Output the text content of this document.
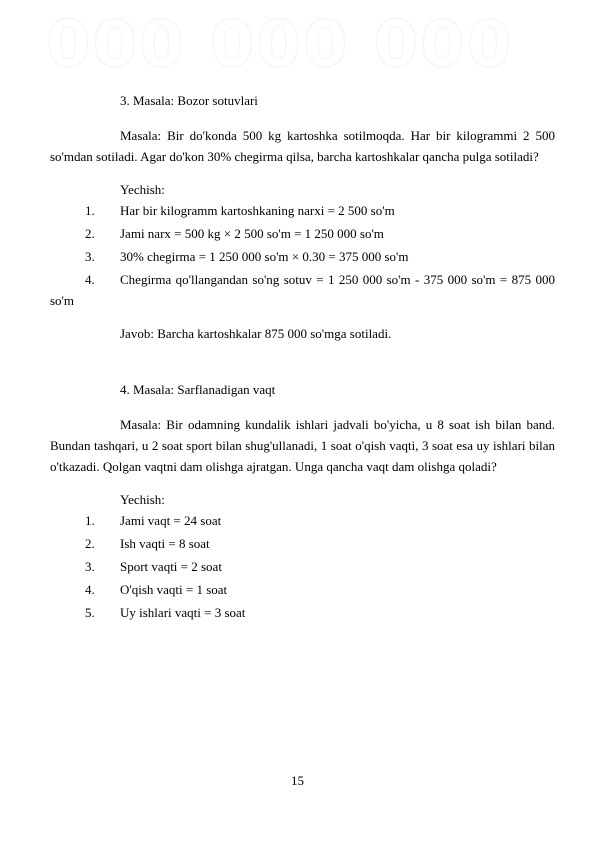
000 000 000
3. Masala: Bozor sotuvlari
Masala: Bir do'konda 500 kg kartoshka sotilmoqda. Har bir kilogrammi 2 500 so'mdan sotiladi. Agar do'kon 30% chegirma qilsa, barcha kartoshkalar qancha pulga sotiladi?
Yechish:
1. Har bir kilogramm kartoshkaning narxi = 2 500 so'm
2. Jami narx = 500 kg × 2 500 so'm = 1 250 000 so'm
3. 30% chegirma = 1 250 000 so'm × 0.30 = 375 000 so'm
4. Chegirma qo'llangandan so'ng sotuv = 1 250 000 so'm - 375 000 so'm = 875 000 so'm
Javob: Barcha kartoshkalar 875 000 so'mga sotiladi.
4. Masala: Sarflanadigan vaqt
Masala: Bir odamning kundalik ishlari jadvali bo'yicha, u 8 soat ish bilan band. Bundan tashqari, u 2 soat sport bilan shug'ullanadi, 1 soat o'qish vaqti, 3 soat esa uy ishlari bilan o'tkazadi. Qolgan vaqtni dam olishga ajratgan. Unga qancha vaqt dam olishga qoladi?
Yechish:
1. Jami vaqt = 24 soat
2. Ish vaqti = 8 soat
3. Sport vaqti = 2 soat
4. O'qish vaqti = 1 soat
5. Uy ishlari vaqti = 3 soat
15
